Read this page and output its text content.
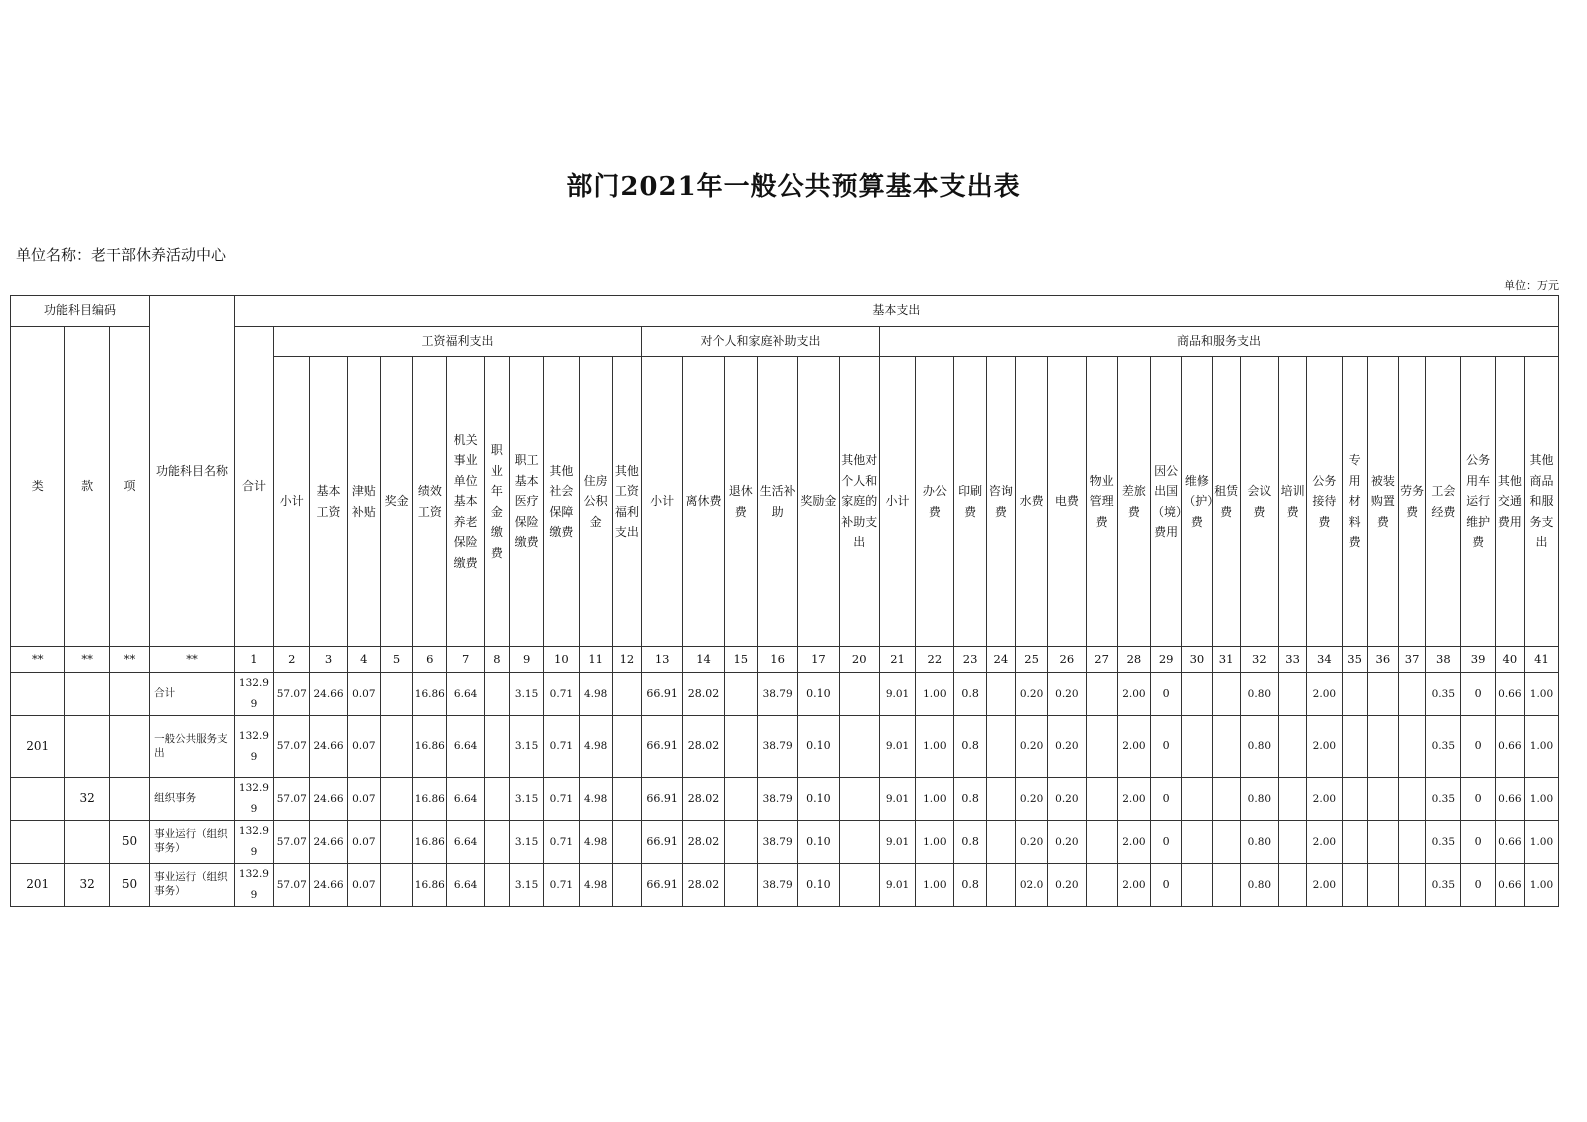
部门2021年一般公共预算基本支出表
单位名称：老干部休养活动中心
单位：万元
功能科目编码			功能科目名称	基本支出																																						
类	款	项		合计	工资福利支出											对个人和家庭补助支出						商品和服务支出																				
					小计	基本工资	津贴补贴	奖金	绩效工资	机关事业单位基本养老保险缴费	职业年金缴费	职工基本医疗保险缴费	其他社会保障缴费	住房公积金	其他工资福利支出	小计	离休费	退休费	生活补助	奖励金	其他对个人和家庭的补助支出	小计	办公费	印刷费	咨询费	水费	电费	物业管理费	差旅费	因公出国（境）费用	维修（护）费	租赁费	会议费	培训费	公务接待费	专用材料费	被装购置费	劳务费	工会经费	公务用车运行维护费	其他交通费用	其他商品和服务支出
**	**	**	**	1	2	3	4	5	6	7	8	9	10	11	12	13	14	15	16	17	20	21	22	23	24	25	26	27	28	29	30	31	32	33	34	35	36	37	38	39	40	41
			合计	132.99	57.07	24.66	0.07		16.86	6.64		3.15	0.71	4.98		66.91	28.02		38.79	0.10		9.01	1.00	0.8		0.20	0.20		2.00	0			0.80		2.00				0.35	0	0.66	1.00
201			一般公共服务支出	132.99	57.07	24.66	0.07		16.86	6.64		3.15	0.71	4.98		66.91	28.02		38.79	0.10		9.01	1.00	0.8		0.20	0.20		2.00	0			0.80		2.00				0.35	0	0.66	1.00
	32		组织事务	132.99	57.07	24.66	0.07		16.86	6.64		3.15	0.71	4.98		66.91	28.02		38.79	0.10		9.01	1.00	0.8		0.20	0.20		2.00	0			0.80		2.00				0.35	0	0.66	1.00
		50	事业运行（组织事务）	132.99	57.07	24.66	0.07		16.86	6.64		3.15	0.71	4.98		66.91	28.02		38.79	0.10		9.01	1.00	0.8		0.20	0.20		2.00	0			0.80		2.00				0.35	0	0.66	1.00
201	32	50	事业运行（组织事务）	132.99	57.07	24.66	0.07		16.86	6.64		3.15	0.71	4.98		66.91	28.02		38.79	0.10		9.01	1.00	0.8		02.0	0.20		2.00	0			0.80		2.00				0.35	0	0.66	1.00
